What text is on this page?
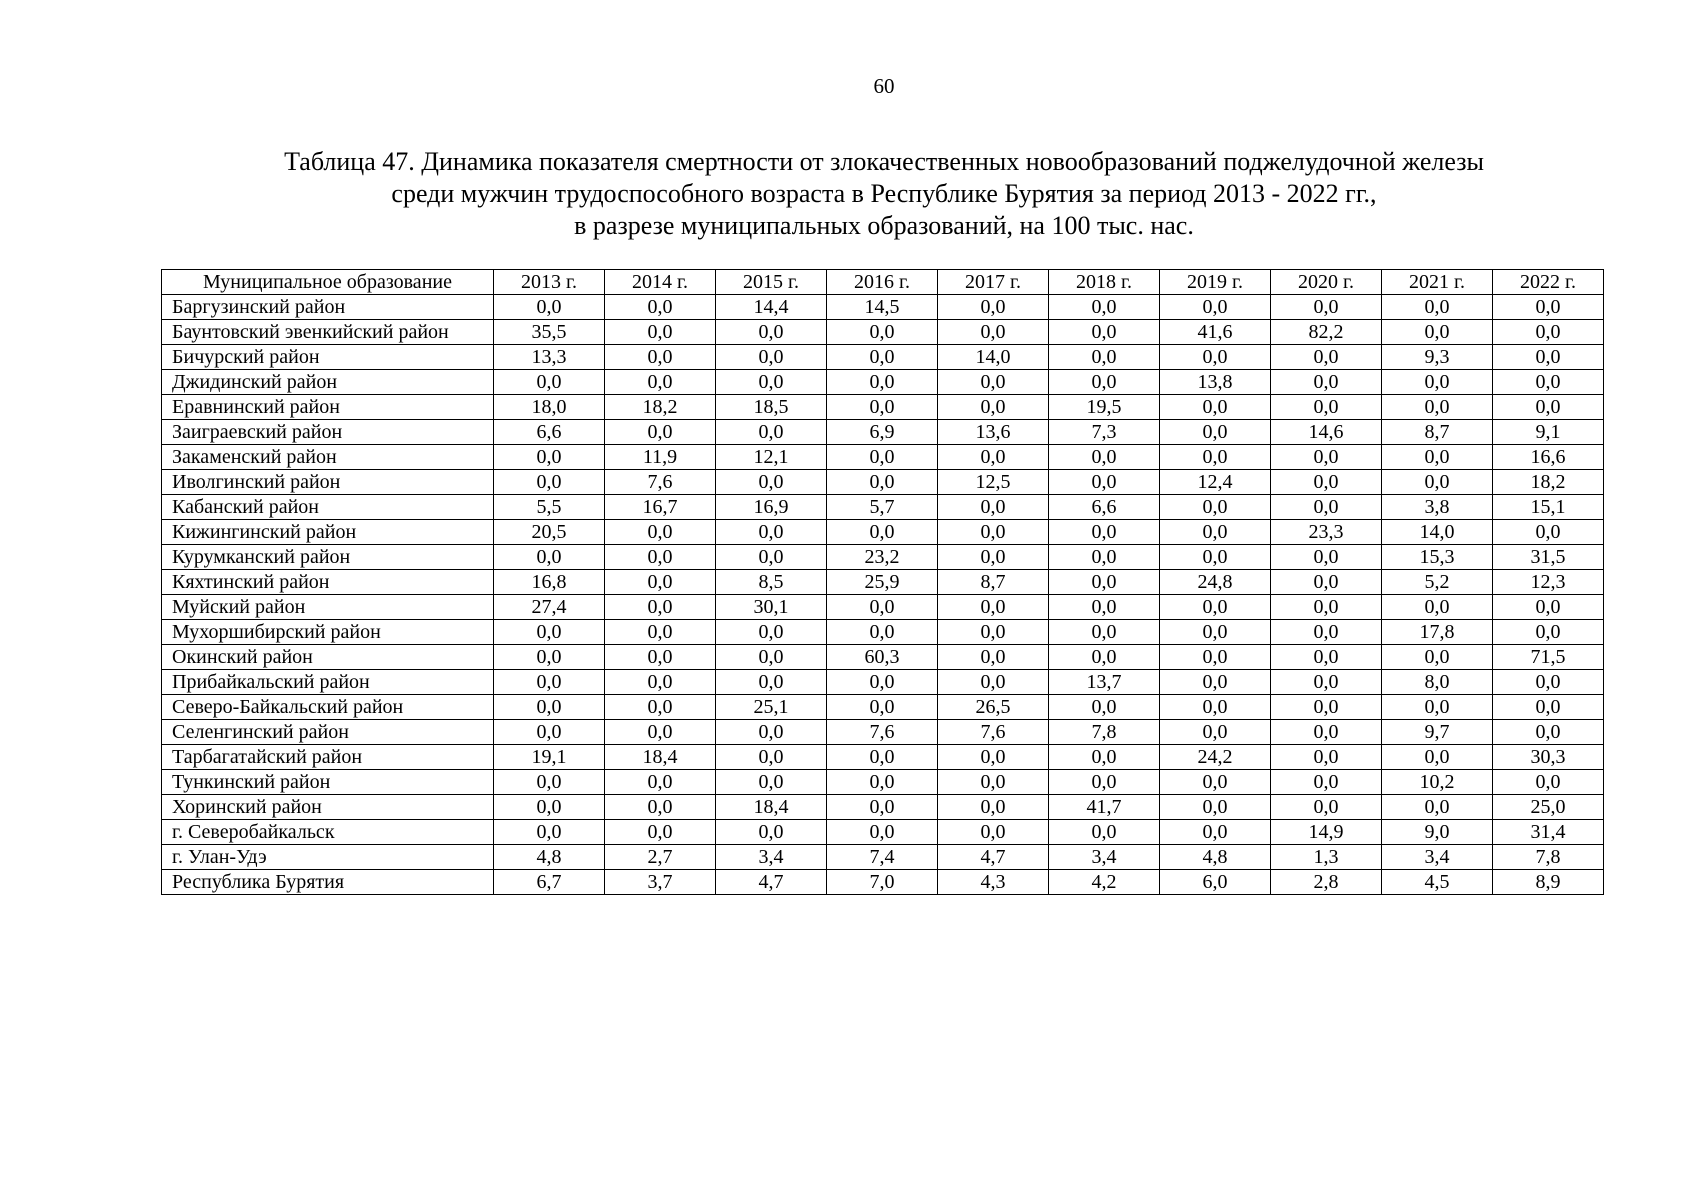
60
Таблица 47. Динамика показателя смертности от злокачественных новообразований поджелудочной железы
среди мужчин трудоспособного возраста в Республике Бурятия за период 2013 - 2022 гг.,
в разрезе муниципальных образований, на 100 тыс. нас.
Муниципальное образование	2013 г.	2014 г.	2015 г.	2016 г.	2017 г.	2018 г.	2019 г.	2020 г.	2021 г.	2022 г.
Баргузинский район	0,0	0,0	14,4	14,5	0,0	0,0	0,0	0,0	0,0	0,0
Баунтовский эвенкийский район	35,5	0,0	0,0	0,0	0,0	0,0	41,6	82,2	0,0	0,0
Бичурский район	13,3	0,0	0,0	0,0	14,0	0,0	0,0	0,0	9,3	0,0
Джидинский район	0,0	0,0	0,0	0,0	0,0	0,0	13,8	0,0	0,0	0,0
Еравнинский район	18,0	18,2	18,5	0,0	0,0	19,5	0,0	0,0	0,0	0,0
Заиграевский район	6,6	0,0	0,0	6,9	13,6	7,3	0,0	14,6	8,7	9,1
Закаменский район	0,0	11,9	12,1	0,0	0,0	0,0	0,0	0,0	0,0	16,6
Иволгинский район	0,0	7,6	0,0	0,0	12,5	0,0	12,4	0,0	0,0	18,2
Кабанский район	5,5	16,7	16,9	5,7	0,0	6,6	0,0	0,0	3,8	15,1
Кижингинский район	20,5	0,0	0,0	0,0	0,0	0,0	0,0	23,3	14,0	0,0
Курумканский район	0,0	0,0	0,0	23,2	0,0	0,0	0,0	0,0	15,3	31,5
Кяхтинский район	16,8	0,0	8,5	25,9	8,7	0,0	24,8	0,0	5,2	12,3
Муйский район	27,4	0,0	30,1	0,0	0,0	0,0	0,0	0,0	0,0	0,0
Мухоршибирский район	0,0	0,0	0,0	0,0	0,0	0,0	0,0	0,0	17,8	0,0
Окинский район	0,0	0,0	0,0	60,3	0,0	0,0	0,0	0,0	0,0	71,5
Прибайкальский район	0,0	0,0	0,0	0,0	0,0	13,7	0,0	0,0	8,0	0,0
Северо-Байкальский район	0,0	0,0	25,1	0,0	26,5	0,0	0,0	0,0	0,0	0,0
Селенгинский район	0,0	0,0	0,0	7,6	7,6	7,8	0,0	0,0	9,7	0,0
Тарбагатайский район	19,1	18,4	0,0	0,0	0,0	0,0	24,2	0,0	0,0	30,3
Тункинский район	0,0	0,0	0,0	0,0	0,0	0,0	0,0	0,0	10,2	0,0
Хоринский район	0,0	0,0	18,4	0,0	0,0	41,7	0,0	0,0	0,0	25,0
г. Северобайкальск	0,0	0,0	0,0	0,0	0,0	0,0	0,0	14,9	9,0	31,4
г. Улан-Удэ	4,8	2,7	3,4	7,4	4,7	3,4	4,8	1,3	3,4	7,8
Республика Бурятия	6,7	3,7	4,7	7,0	4,3	4,2	6,0	2,8	4,5	8,9
